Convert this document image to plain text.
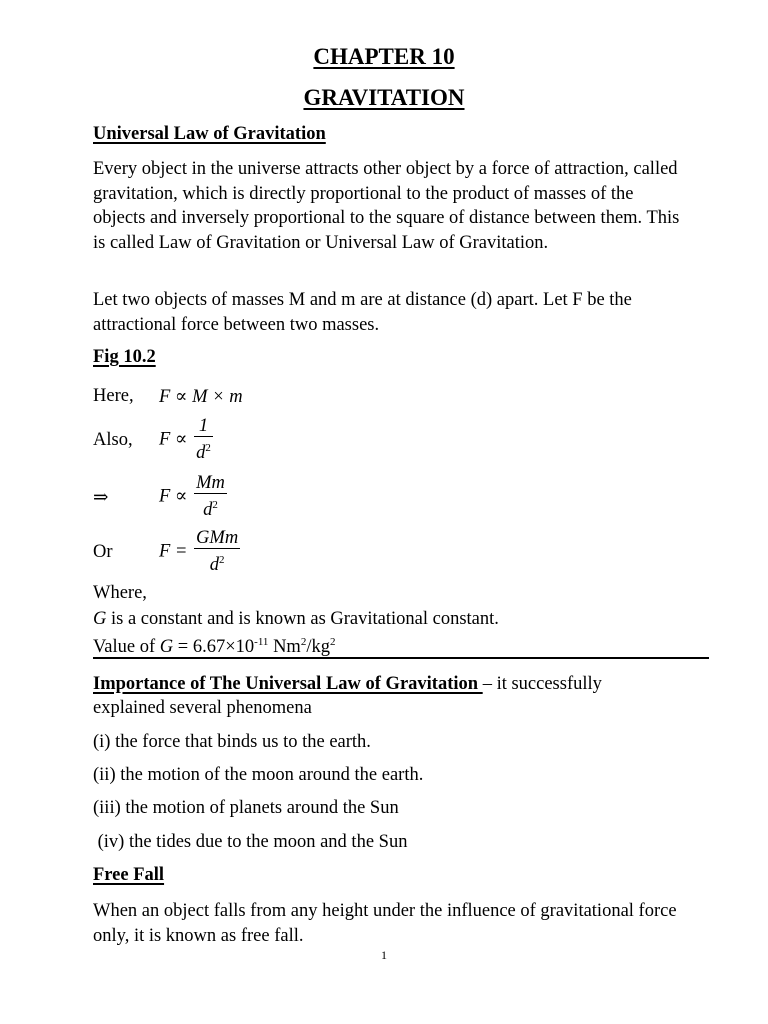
CHAPTER 10
GRAVITATION
Universal Law of Gravitation
Every object in the universe attracts other object by a force of attraction, called gravitation, which is directly proportional to the product of masses of the objects and inversely proportional to the square of distance between them. This is called Law of Gravitation or Universal Law of Gravitation.
Let two objects of masses M and m are at distance (d) apart. Let F be the attractional force between two masses.
Fig 10.2
Here, F ∝ M × m
Also, $F \propto \frac{1}{d^2}$
⇒	$F \propto \frac{Mm}{d^2}$
Or	$F = \frac{\text{GMm}}{d^2}$
Where,
G is a constant and is known as Gravitational constant.
Value of $G = 6.67\times 10^{-11}$ $Nm^2/kg^2$
Importance of The Universal Law of Gravitation – it successfully
explained several phenomena
(i) the force that binds us to the earth.
(ii) the motion of the moon around the earth.
(iii) the motion of planets around the Sun
(iv) the tides due to the moon and the Sun
Free Fall
When an object falls from any height under the influence of gravitational force only, it is known as free fall.
1
